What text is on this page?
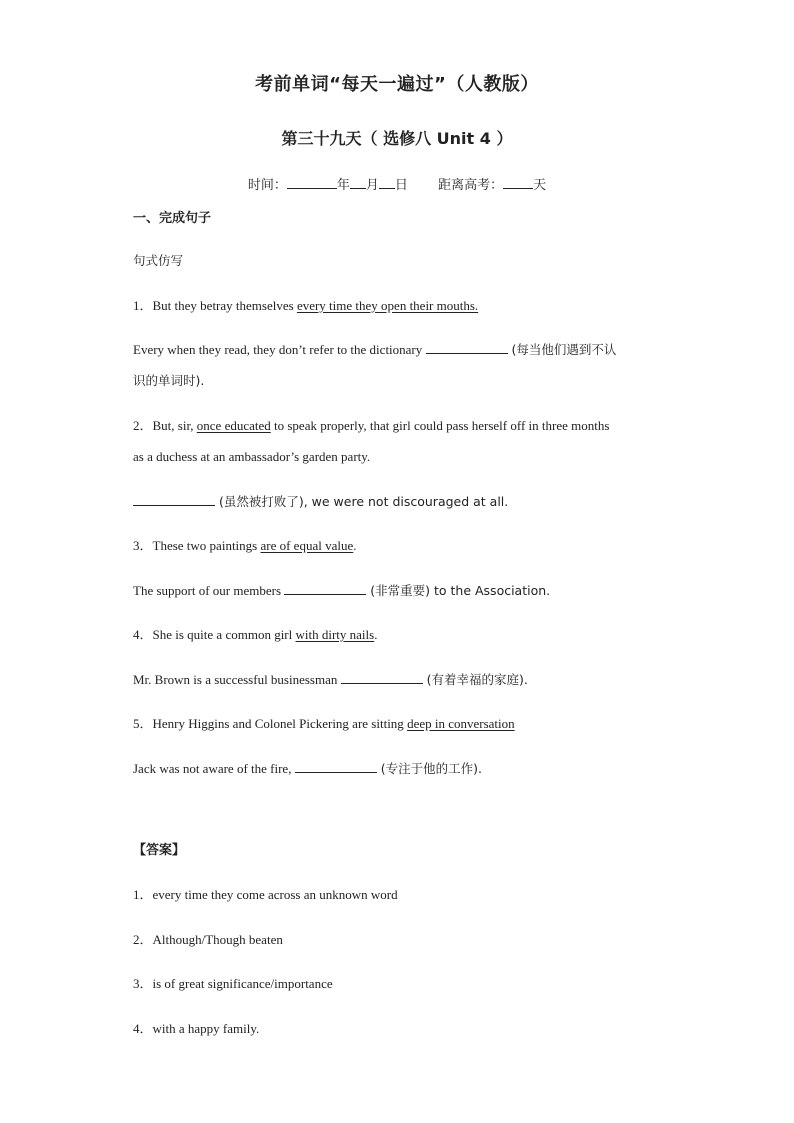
考前单词“每天一遍过”（人教版）
第三十九天（ 选修八 Unit 4 ）
时间：	年 月 日 距离高考： 天
一、完成句子
句式仿写
1．But they betray themselves every time they open their mouths.
Every when they read, they don’t refer to the dictionary	(每当他们遇到不认
识的单词时).
2．But, sir, once educated to speak properly, that girl could pass herself off in three months
as a duchess at an ambassador’s garden party.
(虽然被打败了), we were not discouraged at all.
3．These two paintings are of equal value.
The support of our members	(非常重要) to the Association.
4．She is quite a common girl with dirty nails.
Mr. Brown is a successful businessman	(有着幸福的家庭).
5．Henry Higgins and Colonel Pickering are sitting deep in conversation
Jack was not aware of the fire,	(专注于他的工作).
【答案】
1．every time they come across an unknown word
2．Although/Though beaten
3．is of great significance/importance
4．with a happy family.
